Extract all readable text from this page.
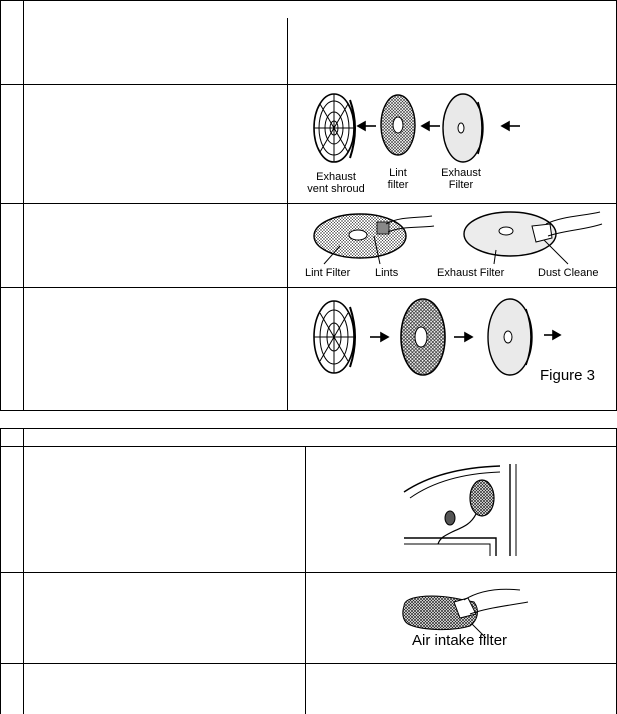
Exhaust
vent shroud
Lint
filter
Exhaust
Filter
Lint Filter Lints	Exhaust Filter	Dust Cleane
Figure 3
Air intake filter
